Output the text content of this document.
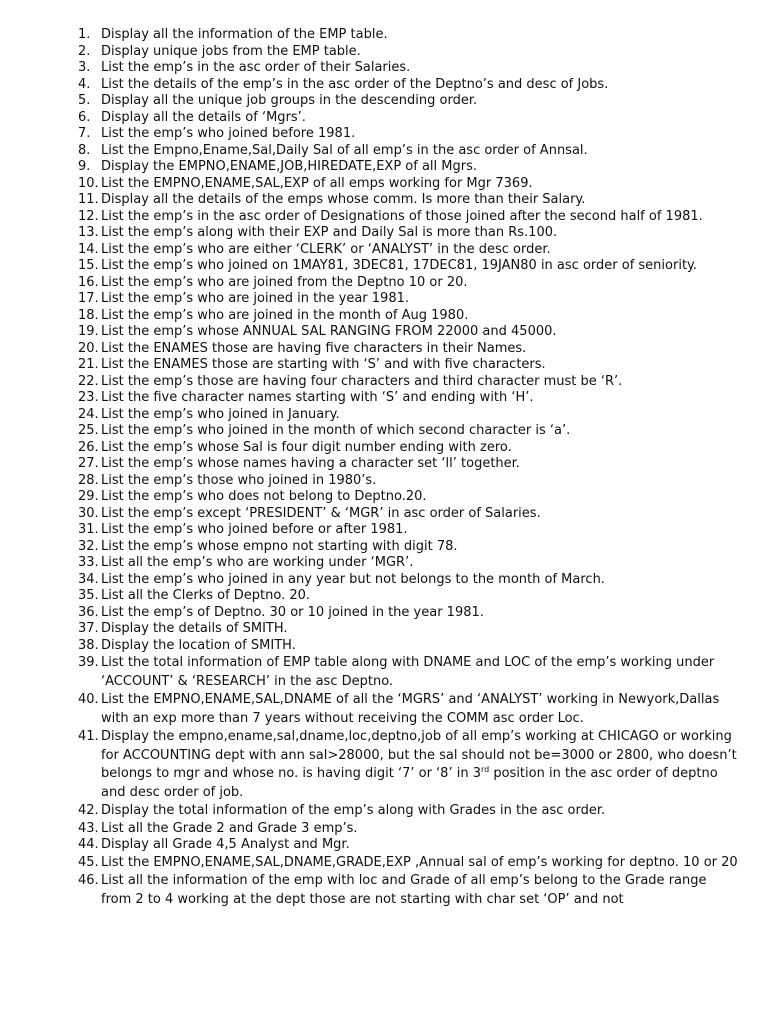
1. Display all the information of the EMP table.
2. Display unique jobs from the EMP table.
3. List the emp’s in the asc order of their Salaries.
4. List the details of the emp’s in the asc order of the Deptno’s and desc of Jobs.
5. Display all the unique job groups in the descending order.
6. Display all the details of ‘Mgrs’.
7. List the emp’s who joined before 1981.
8. List the Empno,Ename,Sal,Daily Sal of all emp’s in the asc order of Annsal.
9. Display the EMPNO,ENAME,JOB,HIREDATE,EXP of all Mgrs.
10. List the EMPNO,ENAME,SAL,EXP of all emps working for Mgr 7369.
11. Display all the details of the emps whose comm. Is more than their Salary.
12. List the emp’s in the asc order of Designations of those joined after the second half of 1981.
13. List the emp’s along with their EXP and Daily Sal is more than Rs.100.
14. List the emp’s who are either ‘CLERK’ or ‘ANALYST’ in the desc order.
15. List the emp’s who joined on 1MAY81, 3DEC81, 17DEC81, 19JAN80 in asc order of seniority.
16. List the emp’s who are joined from the Deptno 10 or 20.
17. List the emp’s who are joined in the year 1981.
18. List the emp’s who are joined in the month of Aug 1980.
19. List the emp’s whose ANNUAL SAL RANGING FROM 22000 and 45000.
20. List the ENAMES those are having five characters in their Names.
21. List the ENAMES those are starting with ‘S’ and with five characters.
22. List the emp’s those are having four characters and third character must be ‘R’.
23. List the five character names starting with ‘S’ and ending with ‘H’.
24. List the emp’s who joined in January.
25. List the emp’s who joined in the month of which second character is ‘a’.
26. List the emp’s whose Sal is four digit number ending with zero.
27. List the emp’s whose names having a character set ‘ll’ together.
28. List the emp’s those who joined in 1980’s.
29. List the emp’s who does not belong to Deptno.20.
30. List the emp’s except ‘PRESIDENT’ & ‘MGR’ in asc order of Salaries.
31. List the emp’s who joined before or after 1981.
32. List the emp’s whose empno not starting with digit 78.
33. List all the emp’s who are working under ‘MGR’.
34. List the emp’s who joined in any year but not belongs to the month of March.
35. List all the Clerks of Deptno. 20.
36. List the emp’s of Deptno. 30 or 10 joined in the year 1981.
37. Display the details of SMITH.
38. Display the location of SMITH.
39. List the total information of EMP table along with DNAME and LOC of the emp’s working under ‘ACCOUNT’ & ‘RESEARCH’ in the asc Deptno.
40. List the EMPNO,ENAME,SAL,DNAME of all the ‘MGRS’ and ‘ANALYST’ working in Newyork,Dallas with an exp more than 7 years without receiving the COMM asc order Loc.
41. Display the empno,ename,sal,dname,loc,deptno,job of all emp’s working at CHICAGO or working for ACCOUNTING dept with ann sal>28000, but the sal should not be=3000 or 2800, who doesn’t belongs to mgr and whose no. is having digit ‘7’ or ‘8’ in 3rd position in the asc order of deptno and desc order of job.
42. Display the total information of the emp’s along with Grades in the asc order.
43. List all the Grade 2 and Grade 3 emp’s.
44. Display all Grade 4,5 Analyst and Mgr.
45. List the EMPNO,ENAME,SAL,DNAME,GRADE,EXP ,Annual sal of emp’s working for deptno. 10 or 20
46. List all the information of the emp with loc and Grade of all emp’s belong to the Grade range from 2 to 4 working at the dept those are not starting with char set ‘OP’ and not
